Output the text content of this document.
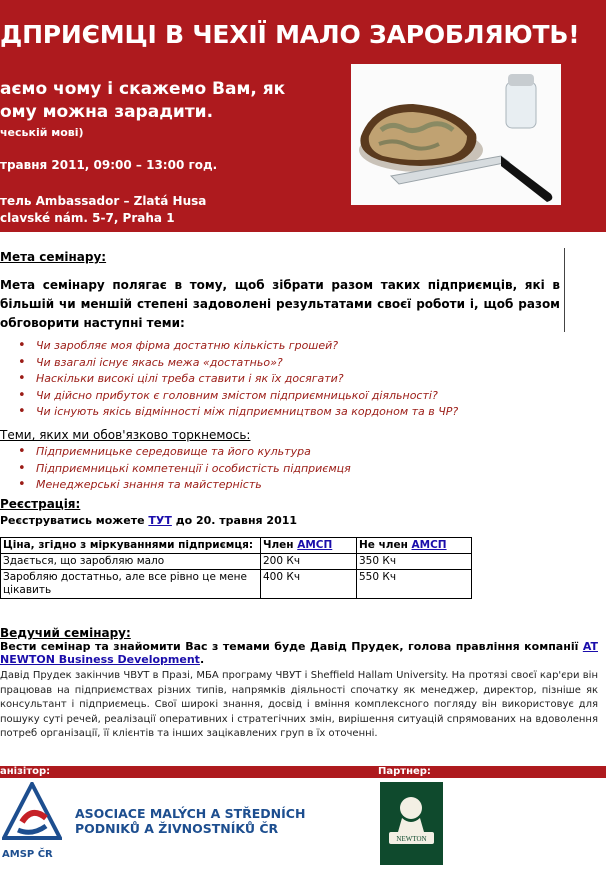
ДПРИЄМЦІ В ЧЕХІЇ МАЛО ЗАРОБЛЯЮТЬ!
аємо чому і скажемо Вам, як
ому можна зарадити.
чеській мові)
травня 2011, 09:00 – 13:00 год.
тель Ambassador – Zlatá Husa
clavské nám. 5-7, Praha 1
Мета семінару:
Мета семінару полягає в тому, щоб зібрати разом таких підприємців, які в більшій чи меншій степені задоволені результатами своєї роботи і, щоб разом обговорити наступні теми:
• Чи заробляє моя фірма достатню кількість грошей?
• Чи взагалі існує якась межа «достатньо»?
• Наскільки високі цілі треба ставити і як їх досягати?
• Чи дійсно прибуток є головним змістом підприємницької діяльності?
• Чи існують якісь відмінності між підприємництвом за кордоном та в ЧР?
Теми, яких ми обов'язково торкнемось:
• Підприємницьке середовище та його культура
• Підприємницькі компетенції і особистість підприємця
• Менеджерські знання та майстерність
Реєстрація:
Реєструватись можете ТУТ до 20. травня 2011
Ціна, згідно з міркуваннями підприємця:	Член АМСП	Не член АМСП
Здається, що заробляю мало	200 Кч	350 Кч
Заробляю достатньо, але все рівно це мене цікавить	400 Кч	550 Кч
Ведучий семінару:
Вести семінар та знайомити Вас з темами буде Давід Прудек, голова правління компанії AT NEWTON Business Development.
Давід Прудек закінчив ЧВУТ в Празі, МБА програму ЧВУТ і Sheffield Hallam University. На протязі своєї кар'єри він працював на підприємствах різних типів, напрямків діяльності спочатку як менеджер, директор, пізніше як консультант і підприємець. Свої широкі знання, досвід і вміння комплексного погляду він використовує для пошуку суті речей, реалізації оперативних і стратегічних змін, вирішення ситуацій спрямованих на вдоволення потреб організації, її клієнтів та інших зацікавлених груп в їх оточенні.
анізітор:	Партнер:
AMSP ČR
ASOCIACE MALÝCH A STŘEDNÍCH
PODNIKŮ A ŽIVNOSTNÍKŮ ČR
NEWTON
